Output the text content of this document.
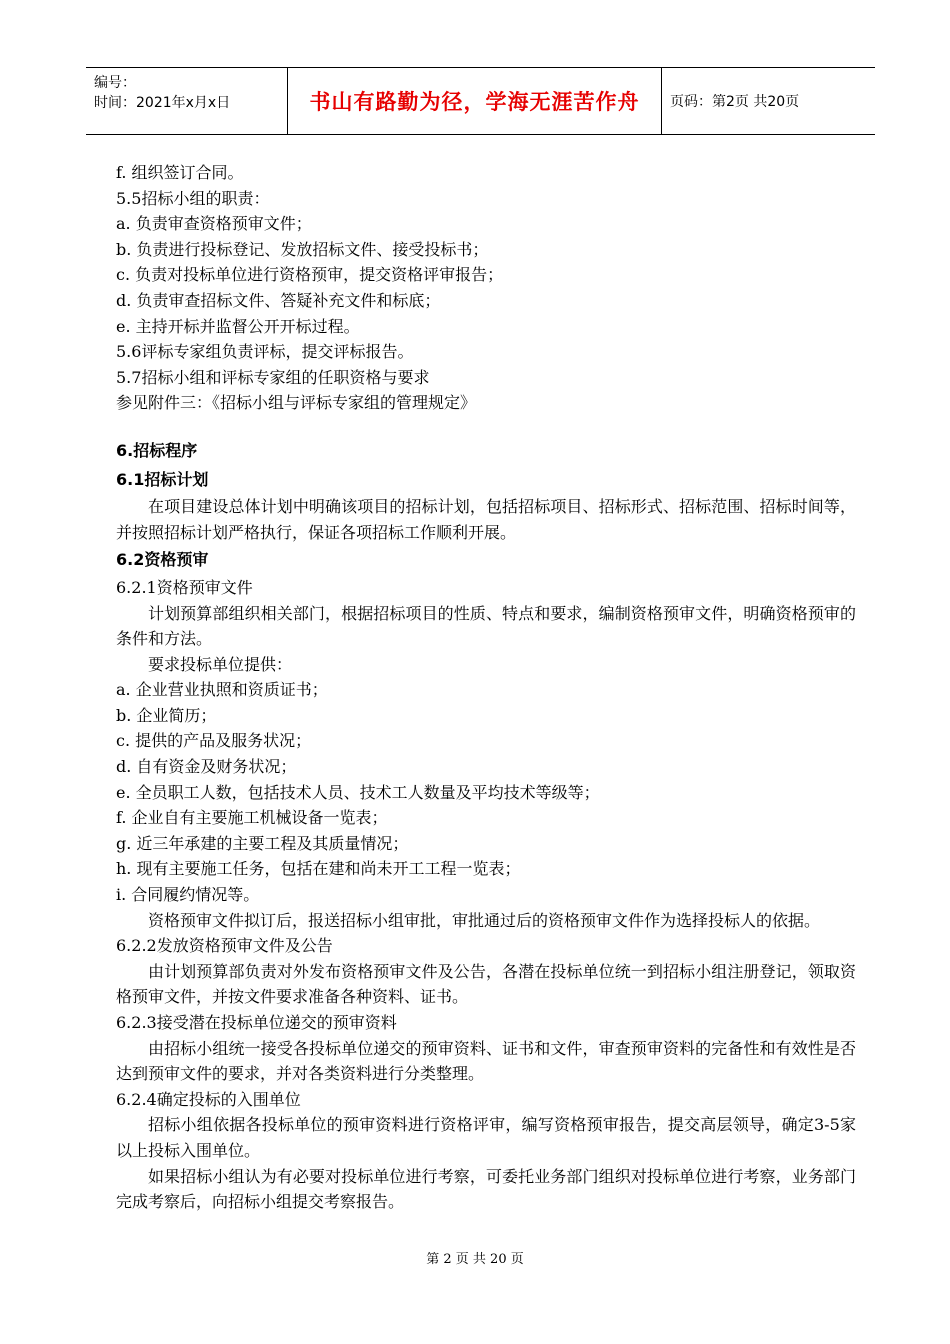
编号：
时间：2021年x月x日	书山有路勤为径，学海无涯苦作舟	页码：第2页 共20页
f. 组织签订合同。
5.5招标小组的职责：
a. 负责审查资格预审文件；
b. 负责进行投标登记、发放招标文件、接受投标书；
c. 负责对投标单位进行资格预审，提交资格评审报告；
d. 负责审查招标文件、答疑补充文件和标底；
e. 主持开标并监督公开开标过程。
5.6评标专家组负责评标，提交评标报告。
5.7招标小组和评标专家组的任职资格与要求
参见附件三：《招标小组与评标专家组的管理规定》
6.招标程序
6.1招标计划
在项目建设总体计划中明确该项目的招标计划，包括招标项目、招标形式、招标范围、招标时间等，并按照招标计划严格执行，保证各项招标工作顺利开展。
6.2资格预审
6.2.1资格预审文件
计划预算部组织相关部门，根据招标项目的性质、特点和要求，编制资格预审文件，明确资格预审的条件和方法。
要求投标单位提供：
a. 企业营业执照和资质证书；
b. 企业简历；
c. 提供的产品及服务状况；
d. 自有资金及财务状况；
e. 全员职工人数，包括技术人员、技术工人数量及平均技术等级等；
f. 企业自有主要施工机械设备一览表；
g. 近三年承建的主要工程及其质量情况；
h. 现有主要施工任务，包括在建和尚未开工工程一览表；
i. 合同履约情况等。
资格预审文件拟订后，报送招标小组审批，审批通过后的资格预审文件作为选择投标人的依据。
6.2.2发放资格预审文件及公告
由计划预算部负责对外发布资格预审文件及公告，各潜在投标单位统一到招标小组注册登记，领取资格预审文件，并按文件要求准备各种资料、证书。
6.2.3接受潜在投标单位递交的预审资料
由招标小组统一接受各投标单位递交的预审资料、证书和文件，审查预审资料的完备性和有效性是否达到预审文件的要求，并对各类资料进行分类整理。
6.2.4确定投标的入围单位
招标小组依据各投标单位的预审资料进行资格评审，编写资格预审报告，提交高层领导，确定3-5家以上投标入围单位。
如果招标小组认为有必要对投标单位进行考察，可委托业务部门组织对投标单位进行考察，业务部门完成考察后，向招标小组提交考察报告。
第 2 页 共 20 页
